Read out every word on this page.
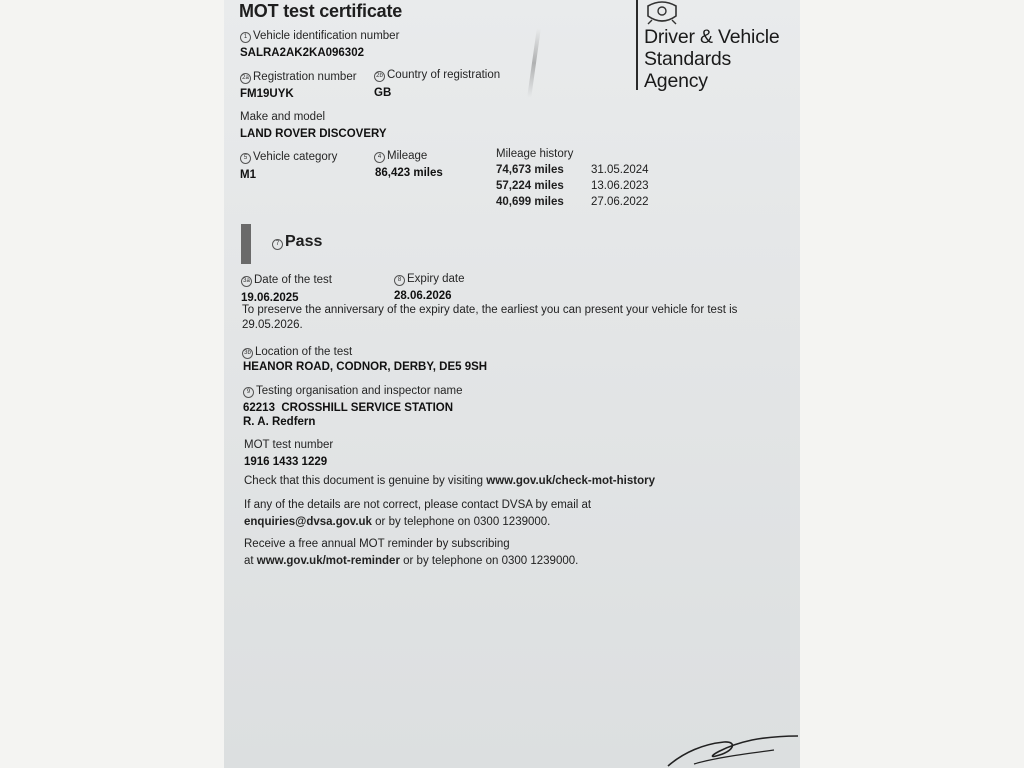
MOT test certificate
Driver & Vehicle
Standards
Agency
1 Vehicle identification number
SALRA2AK2KA096302
2a Registration number
FM19UYK
2b Country of registration
GB
Make and model
LAND ROVER DISCOVERY
5 Vehicle category
M1
4 Mileage
86,423 miles
Mileage history
74,673 miles 31.05.2024
57,224 miles 13.06.2023
40,699 miles 27.06.2022
7 Pass
3a Date of the test
19.06.2025
8 Expiry date
28.06.2026
To preserve the anniversary of the expiry date, the earliest you can present your vehicle for test is
29.05.2026.
3b Location of the test
HEANOR ROAD, CODNOR, DERBY, DE5 9SH
9 Testing organisation and inspector name
62213  CROSSHILL SERVICE STATION
R. A. Redfern
MOT test number
1916 1433 1229
Check that this document is genuine by visiting www.gov.uk/check-mot-history
If any of the details are not correct, please contact DVSA by email at
enquiries@dvsa.gov.uk or by telephone on 0300 1239000.
Receive a free annual MOT reminder by subscribing
at www.gov.uk/mot-reminder or by telephone on 0300 1239000.
